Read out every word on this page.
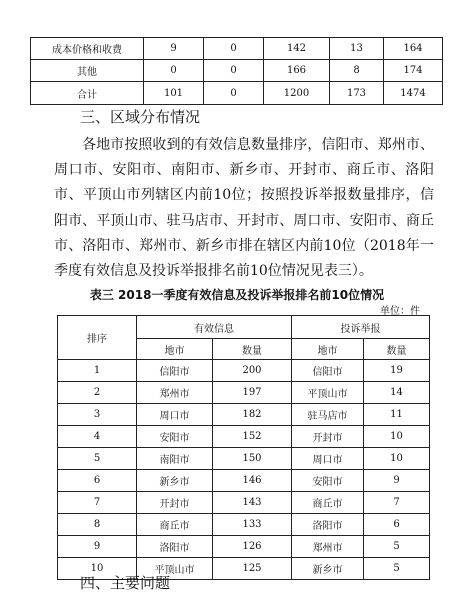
成本价格和收费	9	0	142	13	164
其他	0	0	166	8	174
合计	101	0	1200	173	1474
三、区域分布情况

各地市按照收到的有效信息数量排序，信阳市、郑州市、周口市、安阳市、南阳市、新乡市、开封市、商丘市、洛阳市、平顶山市列辖区内前10位；按照投诉举报数量排序，信阳市、平顶山市、驻马店市、开封市、周口市、安阳市、商丘市、洛阳市、郑州市、新乡市排在辖区内前10位（2018年一季度有效信息及投诉举报排名前10位情况见表三）。

表三 2018一季度有效信息及投诉举报排名前10位情况
单位：件
排序	有效信息		投诉举报	
	地市	数量	地市	数量
1	信阳市	200	信阳市	19
2	郑州市	197	平顶山市	14
3	周口市	182	驻马店市	11
4	安阳市	152	开封市	10
5	南阳市	150	周口市	10
6	新乡市	146	安阳市	9
7	开封市	143	商丘市	7
8	商丘市	133	洛阳市	6
9	洛阳市	126	郑州市	5
10	平顶山市	125	新乡市	5
四、主要问题
